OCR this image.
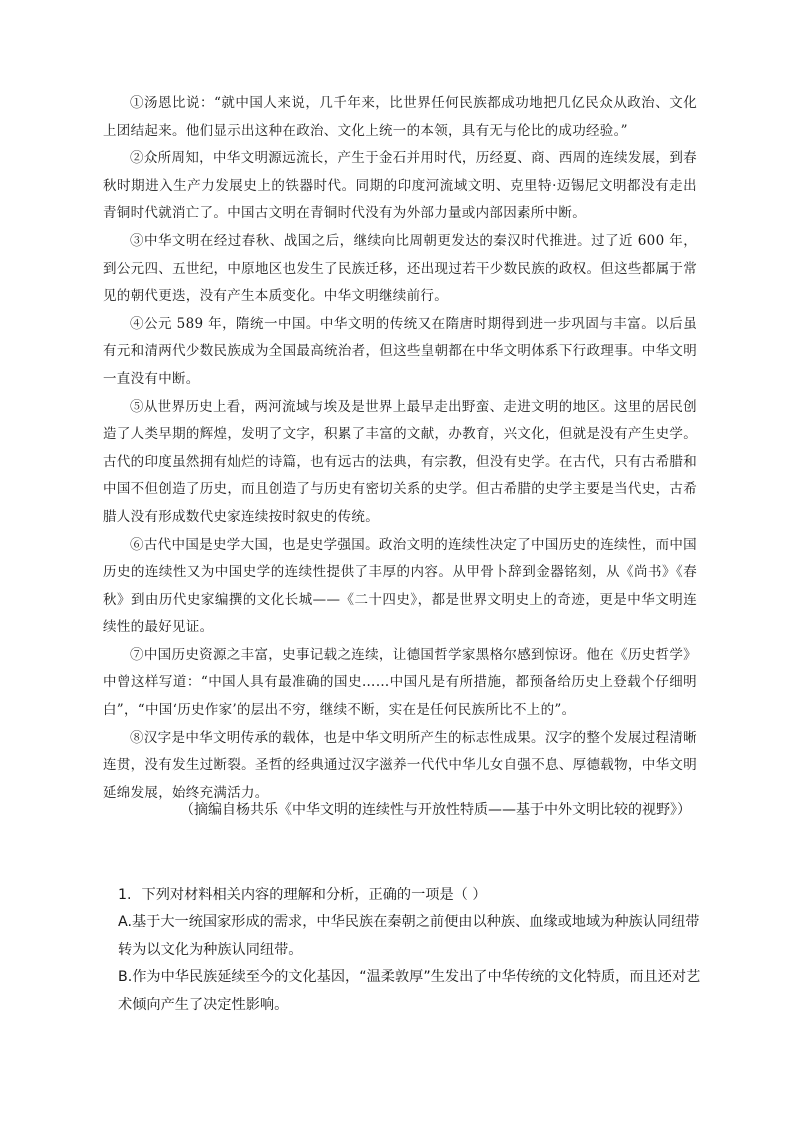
①汤恩比说：“就中国人来说，几千年来，比世界任何民族都成功地把几亿民众从政治、文化上团结起来。他们显示出这种在政治、文化上统一的本领，具有无与伦比的成功经验。”

②众所周知，中华文明源远流长，产生于金石并用时代，历经夏、商、西周的连续发展，到春秋时期进入生产力发展史上的铁器时代。同期的印度河流域文明、克里特·迈锡尼文明都没有走出青铜时代就消亡了。中国古文明在青铜时代没有为外部力量或内部因素所中断。

③中华文明在经过春秋、战国之后，继续向比周朝更发达的秦汉时代推进。过了近 600 年，到公元四、五世纪，中原地区也发生了民族迁移，还出现过若干少数民族的政权。但这些都属于常见的朝代更迭，没有产生本质变化。中华文明继续前行。

④公元 589 年，隋统一中国。中华文明的传统又在隋唐时期得到进一步巩固与丰富。以后虽有元和清两代少数民族成为全国最高统治者，但这些皇朝都在中华文明体系下行政理事。中华文明一直没有中断。

⑤从世界历史上看，两河流域与埃及是世界上最早走出野蛮、走进文明的地区。这里的居民创造了人类早期的辉煌，发明了文字，积累了丰富的文献，办教育，兴文化，但就是没有产生史学。古代的印度虽然拥有灿烂的诗篇，也有远古的法典，有宗教，但没有史学。在古代，只有古希腊和中国不但创造了历史，而且创造了与历史有密切关系的史学。但古希腊的史学主要是当代史，古希腊人没有形成数代史家连续按时叙史的传统。

⑥古代中国是史学大国，也是史学强国。政治文明的连续性决定了中国历史的连续性，而中国历史的连续性又为中国史学的连续性提供了丰厚的内容。从甲骨卜辞到金器铭刻，从《尚书》《春秋》到由历代史家编撰的文化长城——《二十四史》，都是世界文明史上的奇迹，更是中华文明连续性的最好见证。

⑦中国历史资源之丰富，史事记载之连续，让德国哲学家黑格尔感到惊讶。他在《历史哲学》中曾这样写道：“中国人具有最准确的国史……中国凡是有所措施，都预备给历史上登载个仔细明白”，“中国‘历史作家’的层出不穷，继续不断，实在是任何民族所比不上的”。

⑧汉字是中华文明传承的载体，也是中华文明所产生的标志性成果。汉字的整个发展过程清晰连贯，没有发生过断裂。圣哲的经典通过汉字滋养一代代中华儿女自强不息、厚德载物，中华文明延绵发展，始终充满活力。

（摘编自杨共乐《中华文明的连续性与开放性特质——基于中外文明比较的视野》）

1. 下列对材料相关内容的理解和分析，正确的一项是（ ）

A.基于大一统国家形成的需求，中华民族在秦朝之前便由以种族、血缘或地域为种族认同纽带转为以文化为种族认同纽带。

B.作为中华民族延续至今的文化基因，“温柔敦厚”生发出了中华传统的文化特质，而且还对艺术倾向产生了决定性影响。
